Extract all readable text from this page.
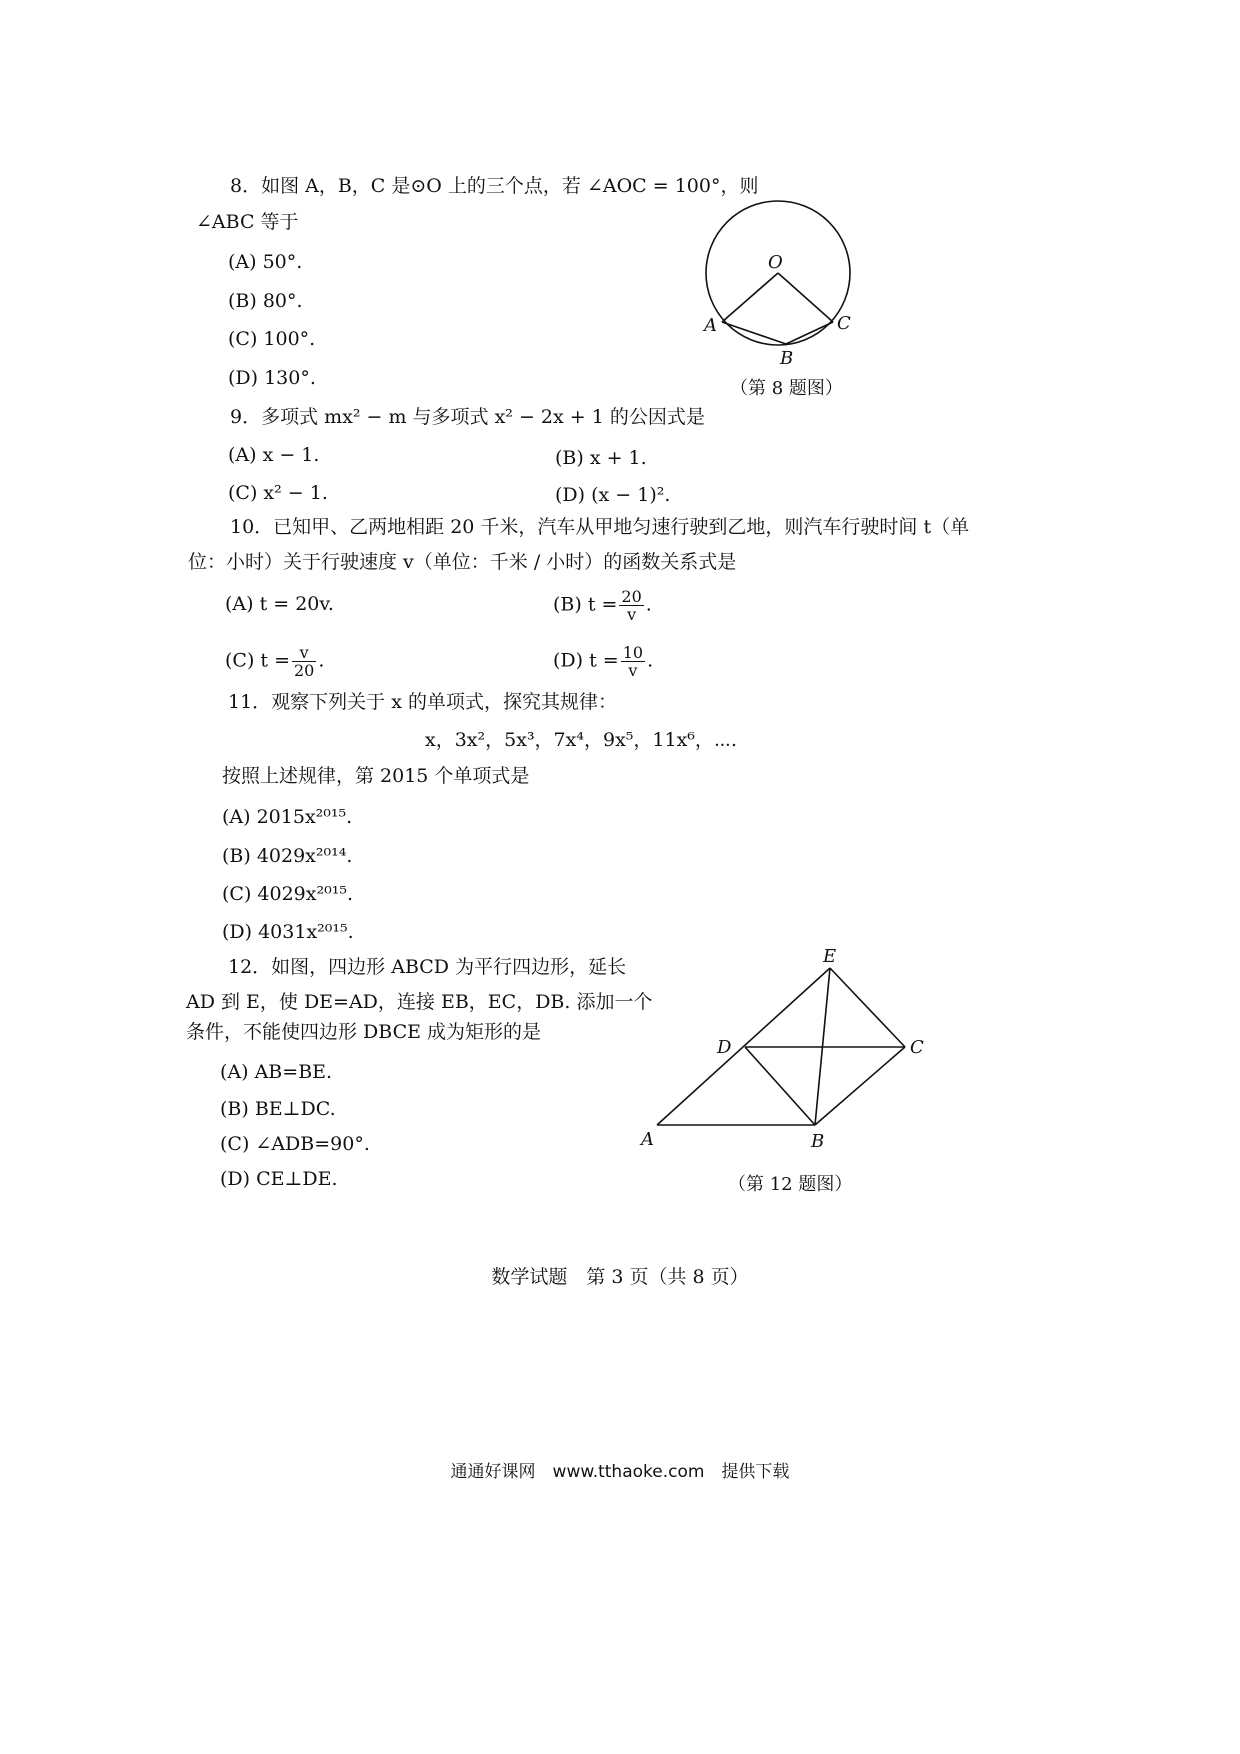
8．如图 A，B，C 是⊙O 上的三个点，若 ∠AOC = 100°，则
∠ABC 等于
(A) 50°.
(B) 80°.
(C) 100°.
(D) 130°.
O
A	C
B
（第 8 题图）
9．多项式 mx² − m 与多项式 x² − 2x + 1 的公因式是
(A) x − 1.	(B) x + 1.
(C) x² − 1.	(D) (x − 1)².
10．已知甲、乙两地相距 20 千米，汽车从甲地匀速行驶到乙地，则汽车行驶时间 t（单
位：小时）关于行驶速度 v（单位：千米 / 小时）的函数关系式是
(A) t = 20v.	(B) $t = \frac{20}{v}$ .
(C) $t = \frac{v}{20}$ .	(D) $t = \frac{10}{v}$ .
11．观察下列关于 x 的单项式，探究其规律：
x，3x²，5x³，7x⁴，9x⁵，11x⁶，⋯.
按照上述规律，第 2015 个单项式是
(A) 2015x²⁰¹⁵.
(B) 4029x²⁰¹⁴.
(C) 4029x²⁰¹⁵.
(D) 4031x²⁰¹⁵.
12．如图，四边形 ABCD 为平行四边形，延长
AD 到 E，使 DE=AD，连接 EB，EC，DB. 添加一个
条件，不能使四边形 DBCE 成为矩形的是
(A) AB=BE.
(B) BE⊥DC.
(C) ∠ADB=90°.
(D) CE⊥DE.
E
D	C
A	B
（第 12 题图）
数学试题　第 3 页（共 8 页）
通通好课网　www.tthaoke.com　提供下载
